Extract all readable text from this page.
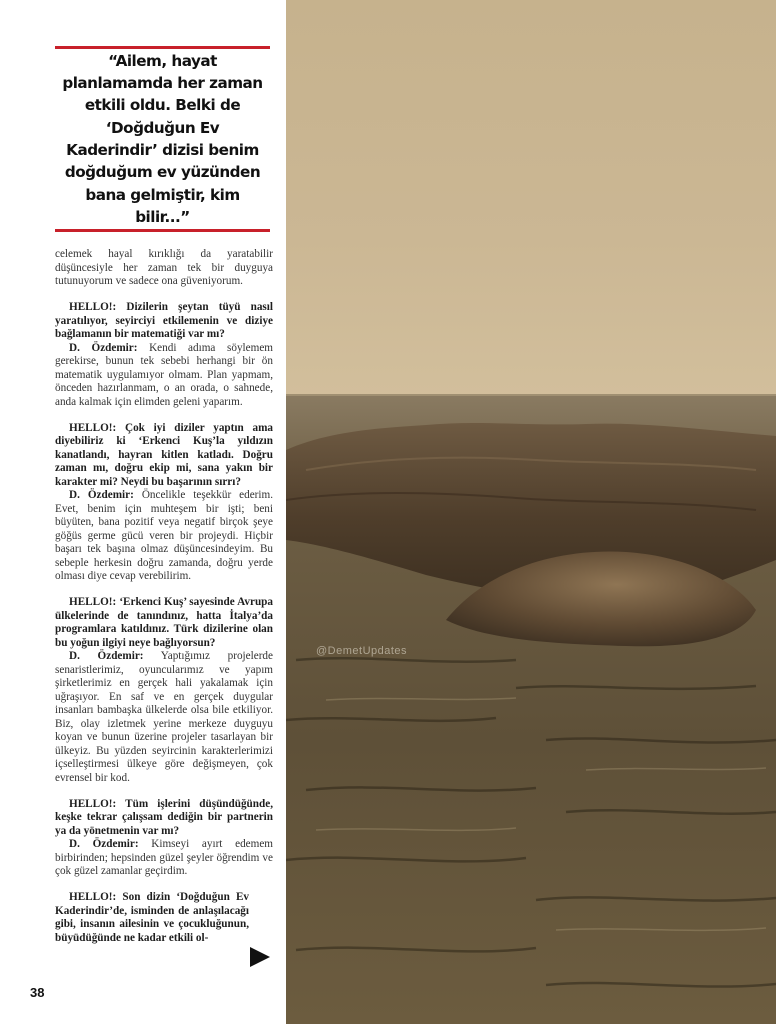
“Ailem, hayat planlamamda her zaman etkili oldu. Belki de ‘Doğduğun Ev Kaderindir’ dizisi benim doğduğum ev yüzünden bana gelmiştir, kim bilir...”

celemek hayal kırıklığı da yaratabilir düşüncesiyle her zaman tek bir duyguya tutunuyorum ve sadece ona güveniyorum.

HELLO!: Dizilerin şeytan tüyü nasıl yaratılıyor, seyirciyi etkilemenin ve diziye bağlamanın bir matematiği var mı?

D. Özdemir: Kendi adıma söylemem gerekirse, bunun tek sebebi herhangi bir ön matematik uygulamıyor olmam. Plan yapmam, önceden hazırlanmam, o an orada, o sahnede, anda kalmak için elimden geleni yaparım.

HELLO!: Çok iyi diziler yaptın ama diyebiliriz ki ‘Erkenci Kuş’la yıldızın kanatlandı, hayran kitlen katladı. Doğru zaman mı, doğru ekip mi, sana yakın bir karakter mi? Neydi bu başarının sırrı?

D. Özdemir: Öncelikle teşekkür ederim. Evet, benim için muhteşem bir işti; beni büyüten, bana pozitif veya negatif birçok şeye göğüs germe gücü veren bir projeydi. Hiçbir başarı tek başına olmaz düşüncesindeyim. Bu sebeple herkesin doğru zamanda, doğru yerde olması diye cevap verebilirim.

HELLO!: ‘Erkenci Kuş’ sayesinde Avrupa ülkelerinde de tanındınız, hatta İtalya’da programlara katıldınız. Türk dizilerine olan bu yoğun ilgiyi neye bağlıyorsun?

D. Özdemir: Yaptığımız projelerde senaristlerimiz, oyuncularımız ve yapım şirketlerimiz en gerçek hali yakalamak için uğraşıyor. En saf ve en gerçek duygular insanları bambaşka ülkelerde olsa bile etkiliyor. Biz, olay izletmek yerine merkeze duyguyu koyan ve bunun üzerine projeler tasarlayan bir ülkeyiz. Bu yüzden seyircinin karakterlerimizi içselleştirmesi ülkeye göre değişmeyen, çok evrensel bir kod.

HELLO!: Tüm işlerini düşündüğünde, keşke tekrar çalışsam dediğin bir partnerin ya da yönetmenin var mı?

D. Özdemir: Kimseyi ayırt edemem birbirinden; hepsinden güzel şeyler öğrendim ve çok güzel zamanlar geçirdim.

HELLO!: Son dizin ‘Doğduğun Ev Kaderindir’de, isminden de anlaşılacağı gibi, insanın ailesinin ve çocukluğunun, büyüdüğünde ne kadar etkili ol-

38
@DemetUpdates
